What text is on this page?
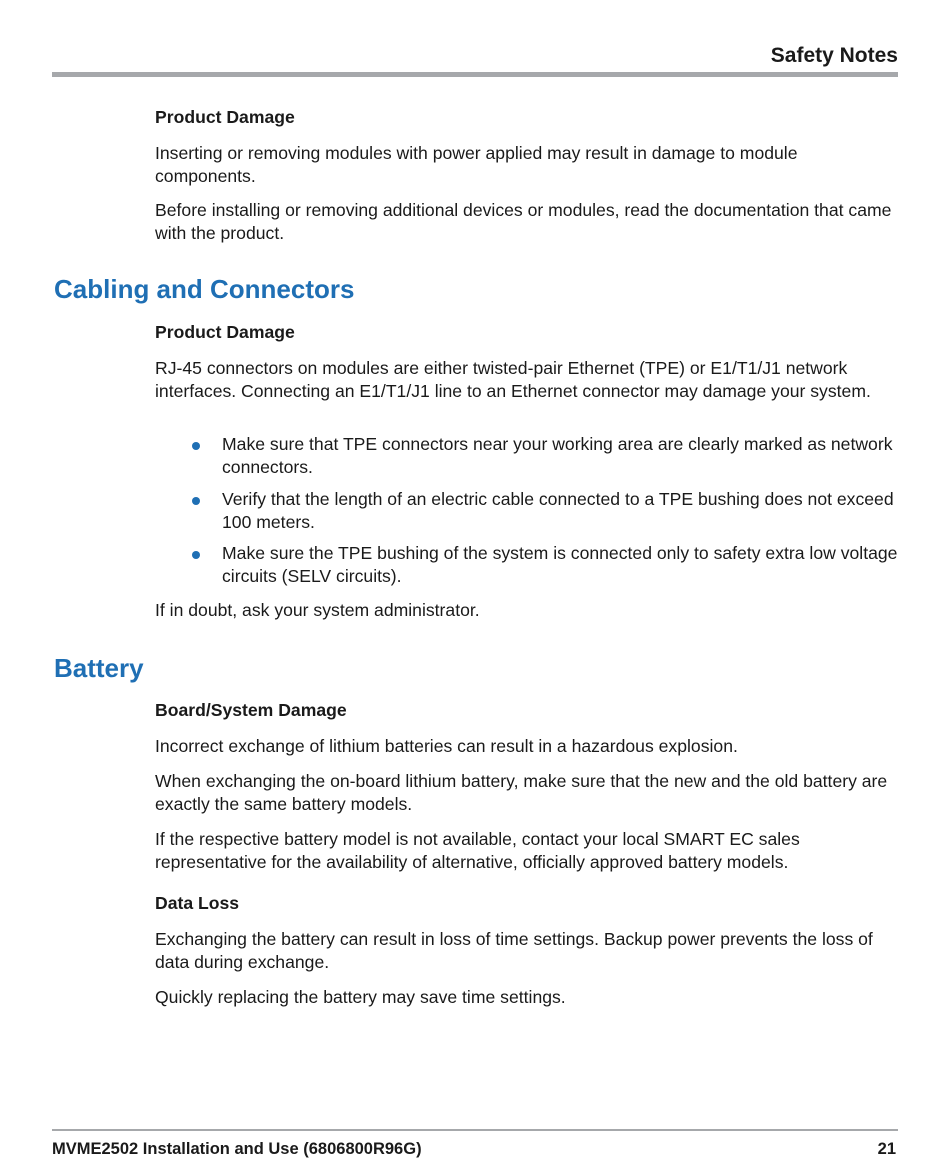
Safety Notes
Product Damage
Inserting or removing modules with power applied may result in damage to module components.
Before installing or removing additional devices or modules, read the documentation that came with the product.
Cabling and Connectors
Product Damage
RJ-45 connectors on modules are either twisted-pair Ethernet (TPE) or E1/T1/J1 network interfaces. Connecting an E1/T1/J1 line to an Ethernet connector may damage your system.
Make sure that TPE connectors near your working area are clearly marked as network connectors.
Verify that the length of an electric cable connected to a TPE bushing does not exceed 100 meters.
Make sure the TPE bushing of the system is connected only to safety extra low voltage circuits (SELV circuits).
If in doubt, ask your system administrator.
Battery
Board/System Damage
Incorrect exchange of lithium batteries can result in a hazardous explosion.
When exchanging the on-board lithium battery, make sure that the new and the old battery are exactly the same battery models.
If the respective battery model is not available, contact your local SMART EC sales representative for the availability of alternative, officially approved battery models.
Data Loss
Exchanging the battery can result in loss of time settings. Backup power prevents the loss of data during exchange.
Quickly replacing the battery may save time settings.
MVME2502 Installation and Use (6806800R96G)	21
